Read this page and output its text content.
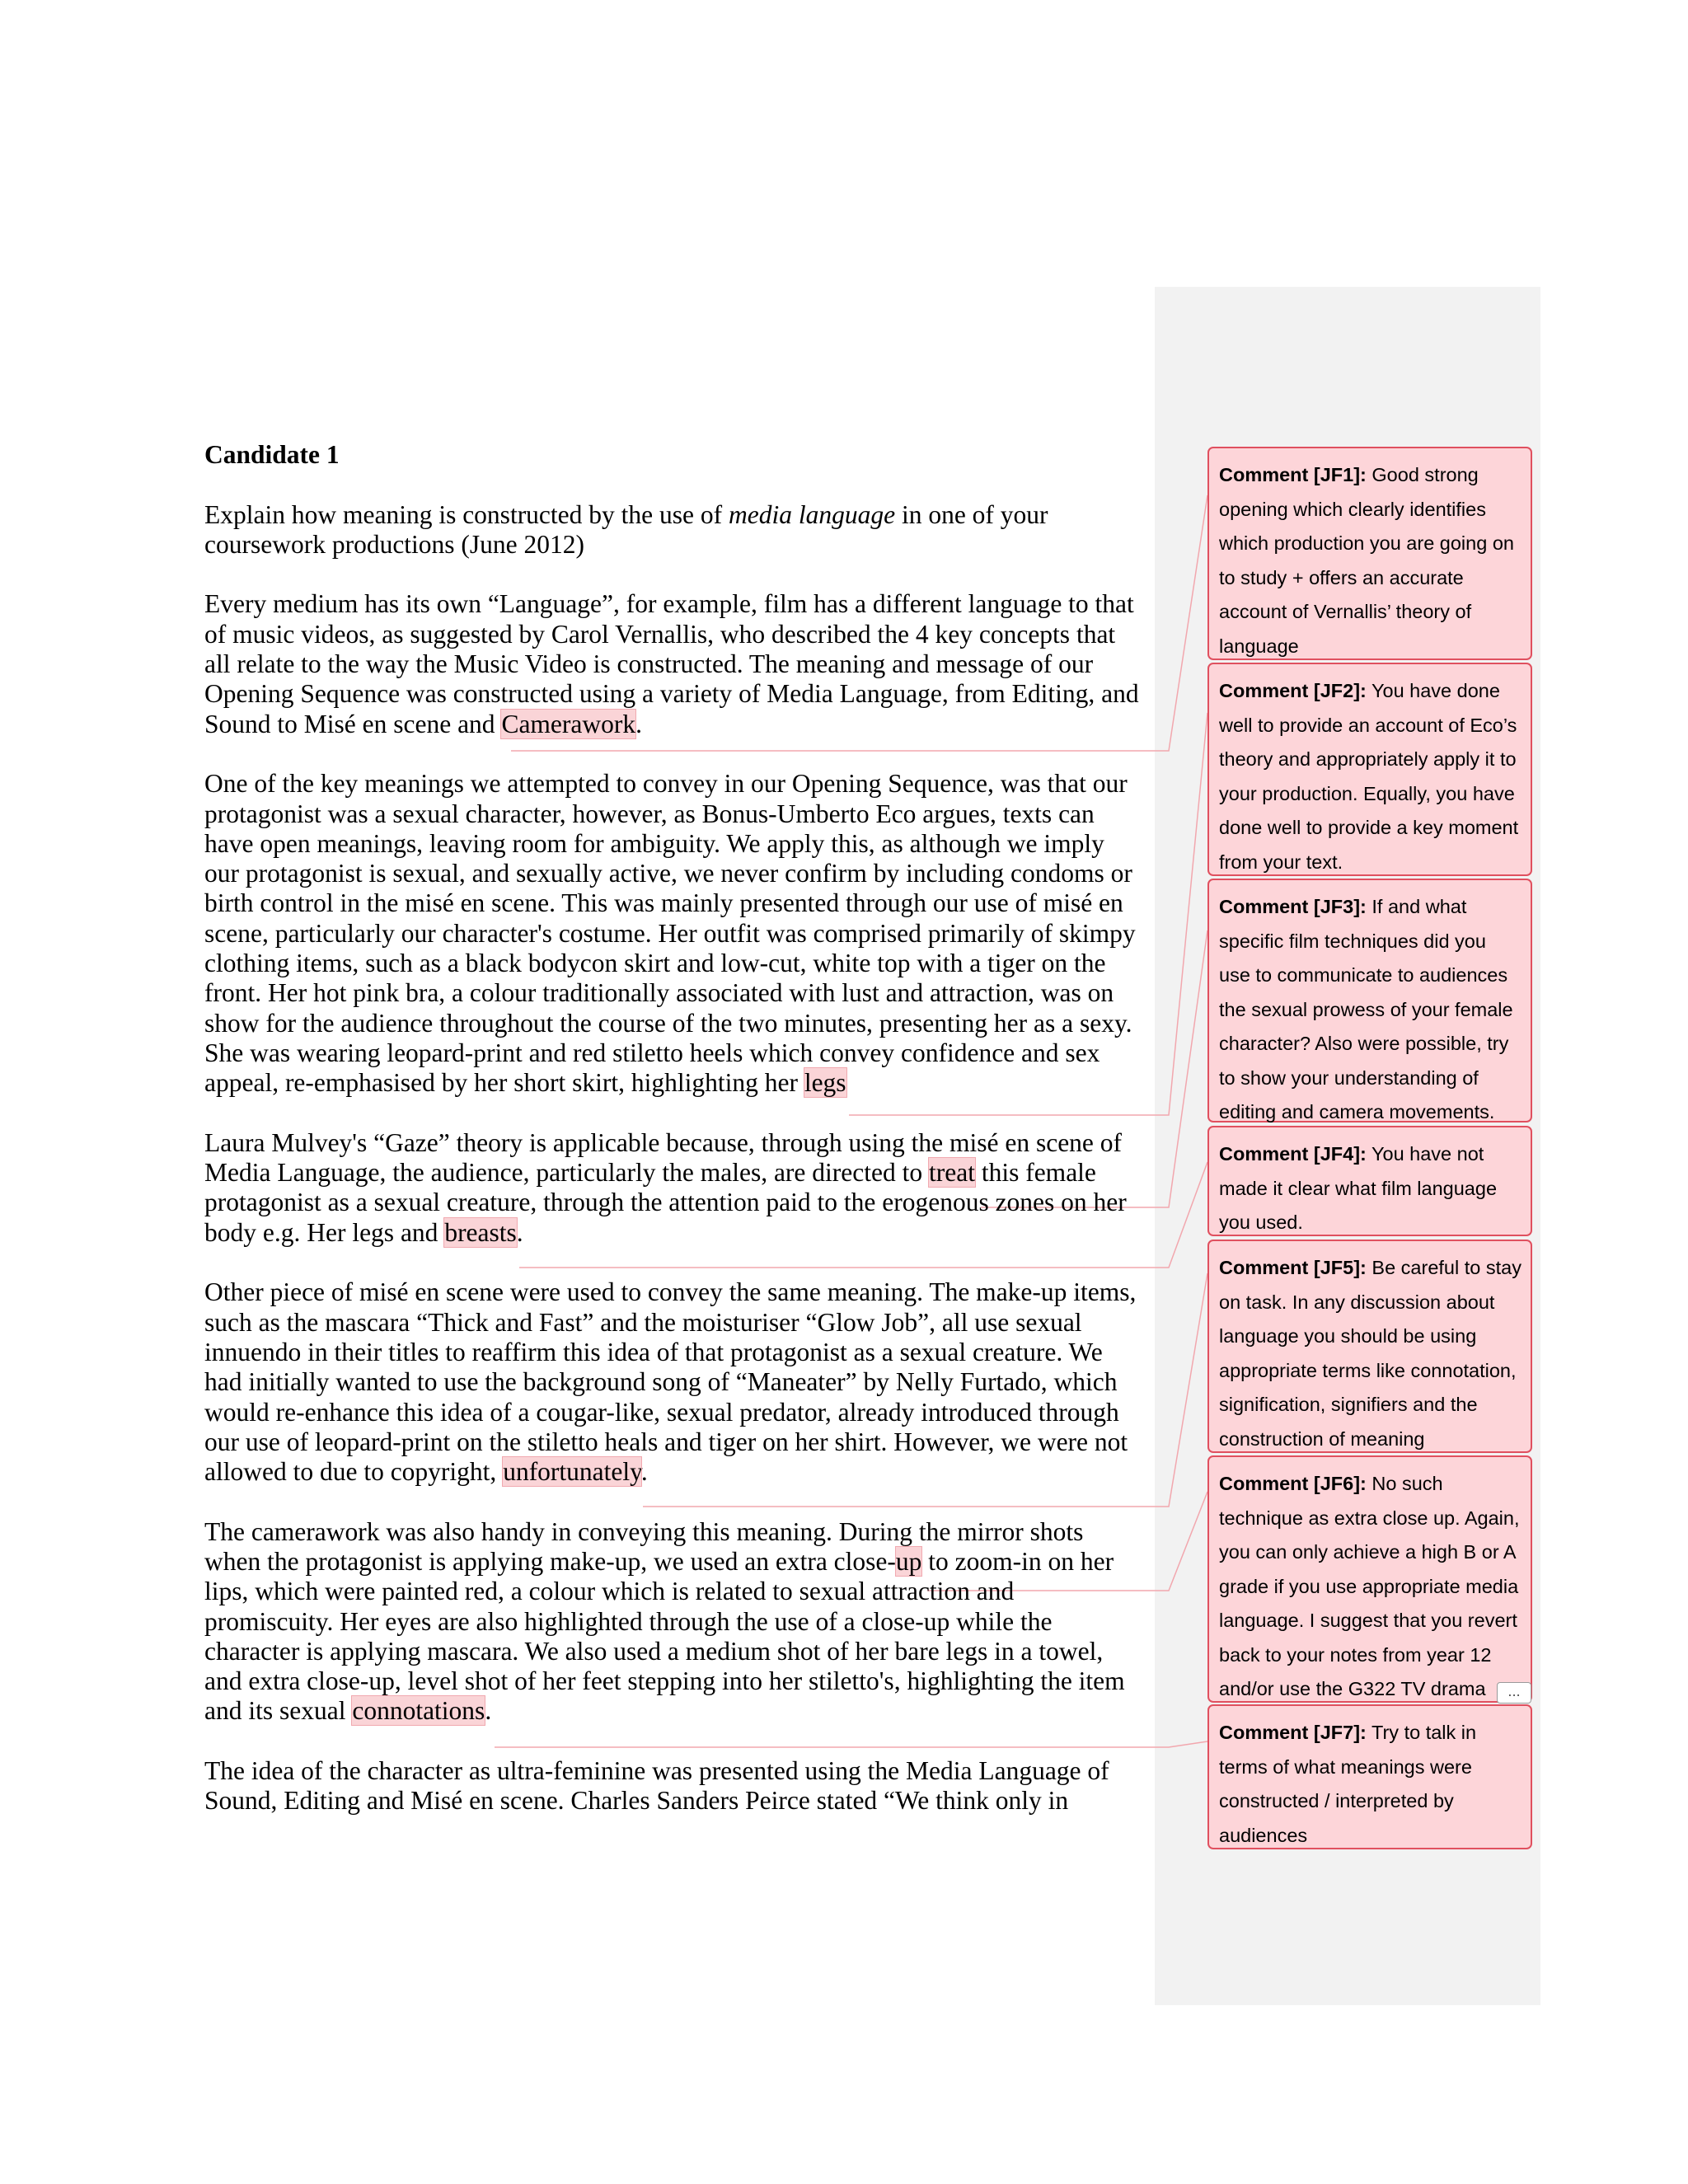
Candidate 1

Explain how meaning is constructed by the use of media language in one of your coursework productions (June 2012)

Every medium has its own “Language”, for example, film has a different language to that of music videos, as suggested by Carol Vernallis, who described the 4 key concepts that all relate to the way the Music Video is constructed. The meaning and message of our Opening Sequence was constructed using a variety of Media Language, from Editing, and Sound to Misé en scene and Camerawork.

One of the key meanings we attempted to convey in our Opening Sequence, was that our protagonist was a sexual character, however, as Bonus-Umberto Eco argues, texts can have open meanings, leaving room for ambiguity. We apply this, as although we imply our protagonist is sexual, and sexually active, we never confirm by including condoms or birth control in the misé en scene. This was mainly presented through our use of misé en scene, particularly our character's costume. Her outfit was comprised primarily of skimpy clothing items, such as a black bodycon skirt and low-cut, white top with a tiger on the front. Her hot pink bra, a colour traditionally associated with lust and attraction, was on show for the audience throughout the course of the two minutes, presenting her as a sexy. She was wearing leopard-print and red stiletto heels which convey confidence and sex appeal, re-emphasised by her short skirt, highlighting her legs

Laura Mulvey's “Gaze” theory is applicable because, through using the misé en scene of Media Language, the audience, particularly the males, are directed to treat this female protagonist as a sexual creature, through the attention paid to the erogenous zones on her body e.g. Her legs and breasts.

Other piece of misé en scene were used to convey the same meaning. The make-up items, such as the mascara “Thick and Fast” and the moisturiser “Glow Job”, all use sexual innuendo in their titles to reaffirm this idea of that protagonist as a sexual creature. We had initially wanted to use the background song of “Maneater” by Nelly Furtado, which would re-enhance this idea of a cougar-like, sexual predator, already introduced through our use of leopard-print on the stiletto heals and tiger on her shirt. However, we were not allowed to due to copyright, unfortunately.

The camerawork was also handy in conveying this meaning. During the mirror shots when the protagonist is applying make-up, we used an extra close-up to zoom-in on her lips, which were painted red, a colour which is related to sexual attraction and promiscuity. Her eyes are also highlighted through the use of a close-up while the character is applying mascara. We also used a medium shot of her bare legs in a towel, and extra close-up, level shot of her feet stepping into her stiletto's, highlighting the item and its sexual connotations.

The idea of the character as ultra-feminine was presented using the Media Language of Sound, Editing and Misé en scene. Charles Sanders Peirce stated “We think only in

Comment [JF1]: Good strong opening which clearly identifies which production you are going on to study + offers an accurate account of Vernallis’ theory of language
Comment [JF2]: You have done well to provide an account of Eco’s theory and appropriately apply it to your production. Equally, you have done well to provide a key moment from your text.
Comment [JF3]: If and what specific film techniques did you use to communicate to audiences the sexual prowess of your female character? Also were possible, try to show your understanding of editing and camera movements.
Comment [JF4]: You have not made it clear what film language you used.
Comment [JF5]: Be careful to stay on task. In any discussion about language you should be using appropriate terms like connotation, signification, signifiers and the construction of meaning
Comment [JF6]: No such technique as extra close up. Again, you can only achieve a high B or A grade if you use appropriate media language. I suggest that you revert back to your notes from year 12 and/or use the G322 TV drama	...
Comment [JF7]: Try to talk in terms of what meanings were constructed / interpreted by audiences
